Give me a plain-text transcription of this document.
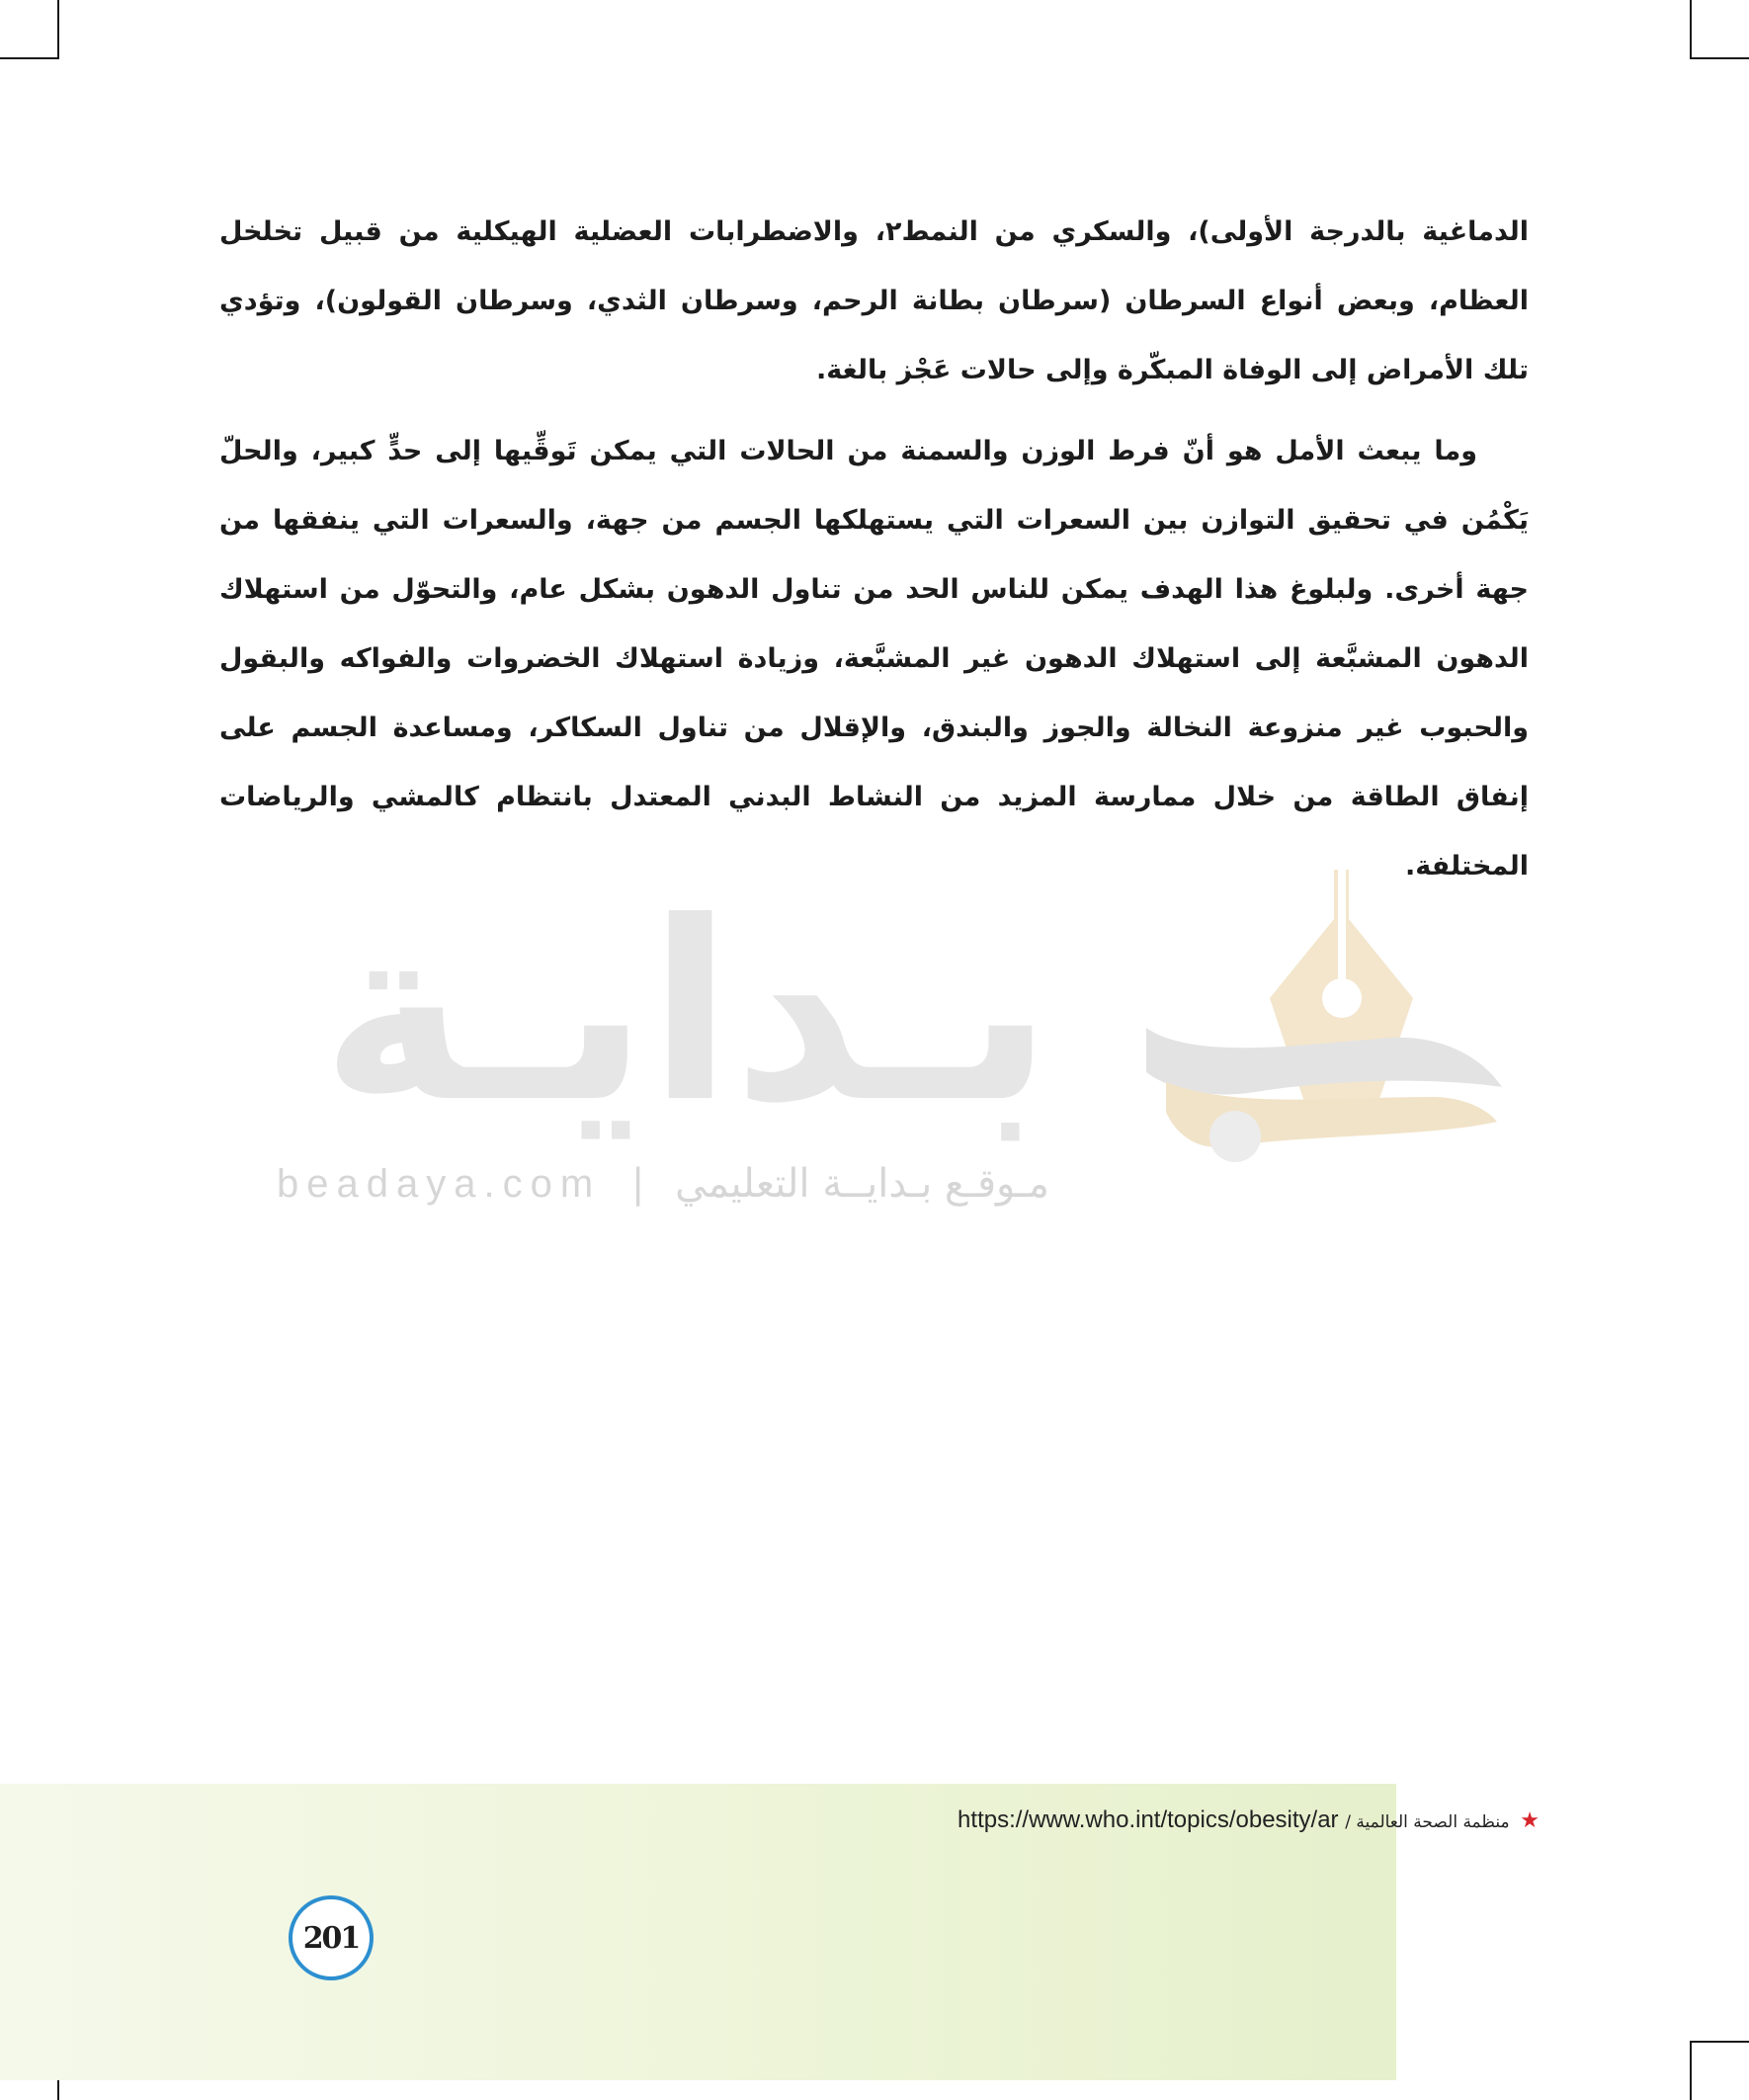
الدماغية بالدرجة الأولى)، والسكري من النمط٢، والاضطرابات العضلية الهيكلية من قبيل تخلخل العظام، وبعض أنواع السرطان (سرطان بطانة الرحم، وسرطان الثدي، وسرطان القولون)، وتؤدي تلك الأمراض إلى الوفاة المبكّرة وإلى حالات عَجْز بالغة.

وما يبعث الأمل هو أنّ فرط الوزن والسمنة من الحالات التي يمكن تَوقِّيها إلى حدٍّ كبير، والحلّ يَكْمُن في تحقيق التوازن بين السعرات التي يستهلكها الجسم من جهة، والسعرات التي ينفقها من جهة أخرى. ولبلوغ هذا الهدف يمكن للناس الحد من تناول الدهون بشكل عام، والتحوّل من استهلاك الدهون المشبَّعة إلى استهلاك الدهون غير المشبَّعة، وزيادة استهلاك الخضروات والفواكه والبقول والحبوب غير منزوعة النخالة والجوز والبندق، والإقلال من تناول السكاكر، ومساعدة الجسم على إنفاق الطاقة من خلال ممارسة المزيد من النشاط البدني المعتدل بانتظام كالمشي والرياضات المختلفة.

بـدايـة
beadaya.com | مـوقـع بـدايــة التعليمي
★ منظمة الصحة العالمية / https://www.who.int/topics/obesity/ar
201
